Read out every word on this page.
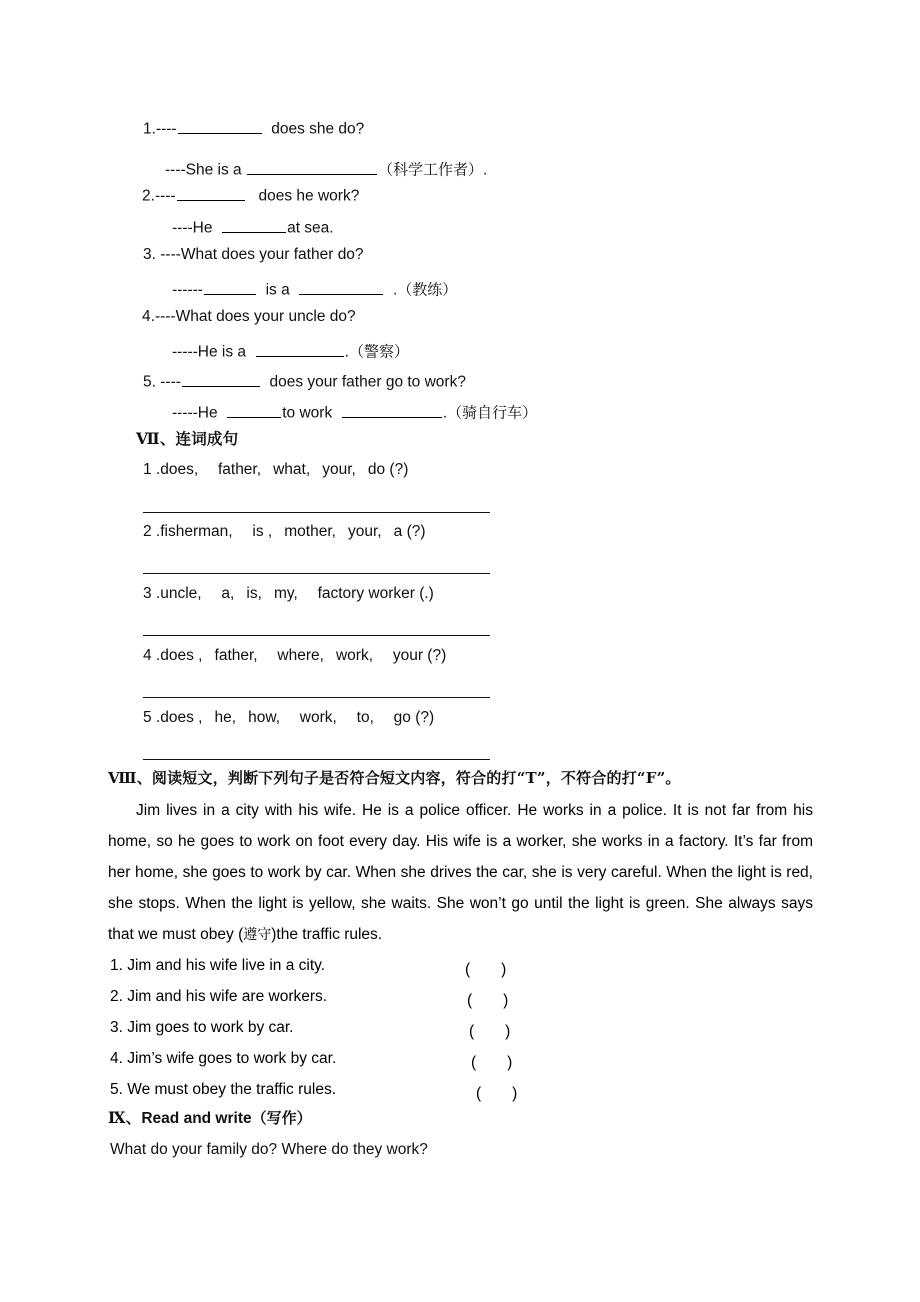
1.----	does she do?
----She is a	（科学工作者）.
2.----	does he work?
----He	at sea.
3. ----What does your father do?
------	is a	.（教练）
4.----What does your uncle do?
-----He is a	.（警察）
5. ----	does your father go to work?
-----He	to work	.（骑自行车）
Ⅶ、连词成句
1 .does,  father,  what,  your,  do (?)
2 .fisherman,  is ,  mother,  your,  a (?)
3 .uncle,  a,  is,  my,  factory worker (.)
4 .does ,  father,  where,  work,  your (?)
5 .does ,  he,  how,  work,  to,  go (?)
Ⅷ、阅读短文，判断下列句子是否符合短文内容，符合的打“T”，不符合的打“F”。
Jim lives in a city with his wife. He is a police officer. He works in a police. It is not far from his home, so he goes to work on foot every day. His wife is a worker, she works in a factory. It’s far from her home, she goes to work by car. When she drives the car, she is very careful. When the light is red, she stops. When the light is yellow, she waits. She won’t go until the light is green. She always says that we must obey (遵守)the traffic rules.
1. Jim and his wife live in a city.	(　　)
2. Jim and his wife are workers.	(　　)
3. Jim goes to work by car.	(　　)
4. Jim’s wife goes to work by car.	(　　)
5. We must obey the traffic rules.	(　　)
Ⅸ、Read and write（写作）
What do your family do? Where do they work?
